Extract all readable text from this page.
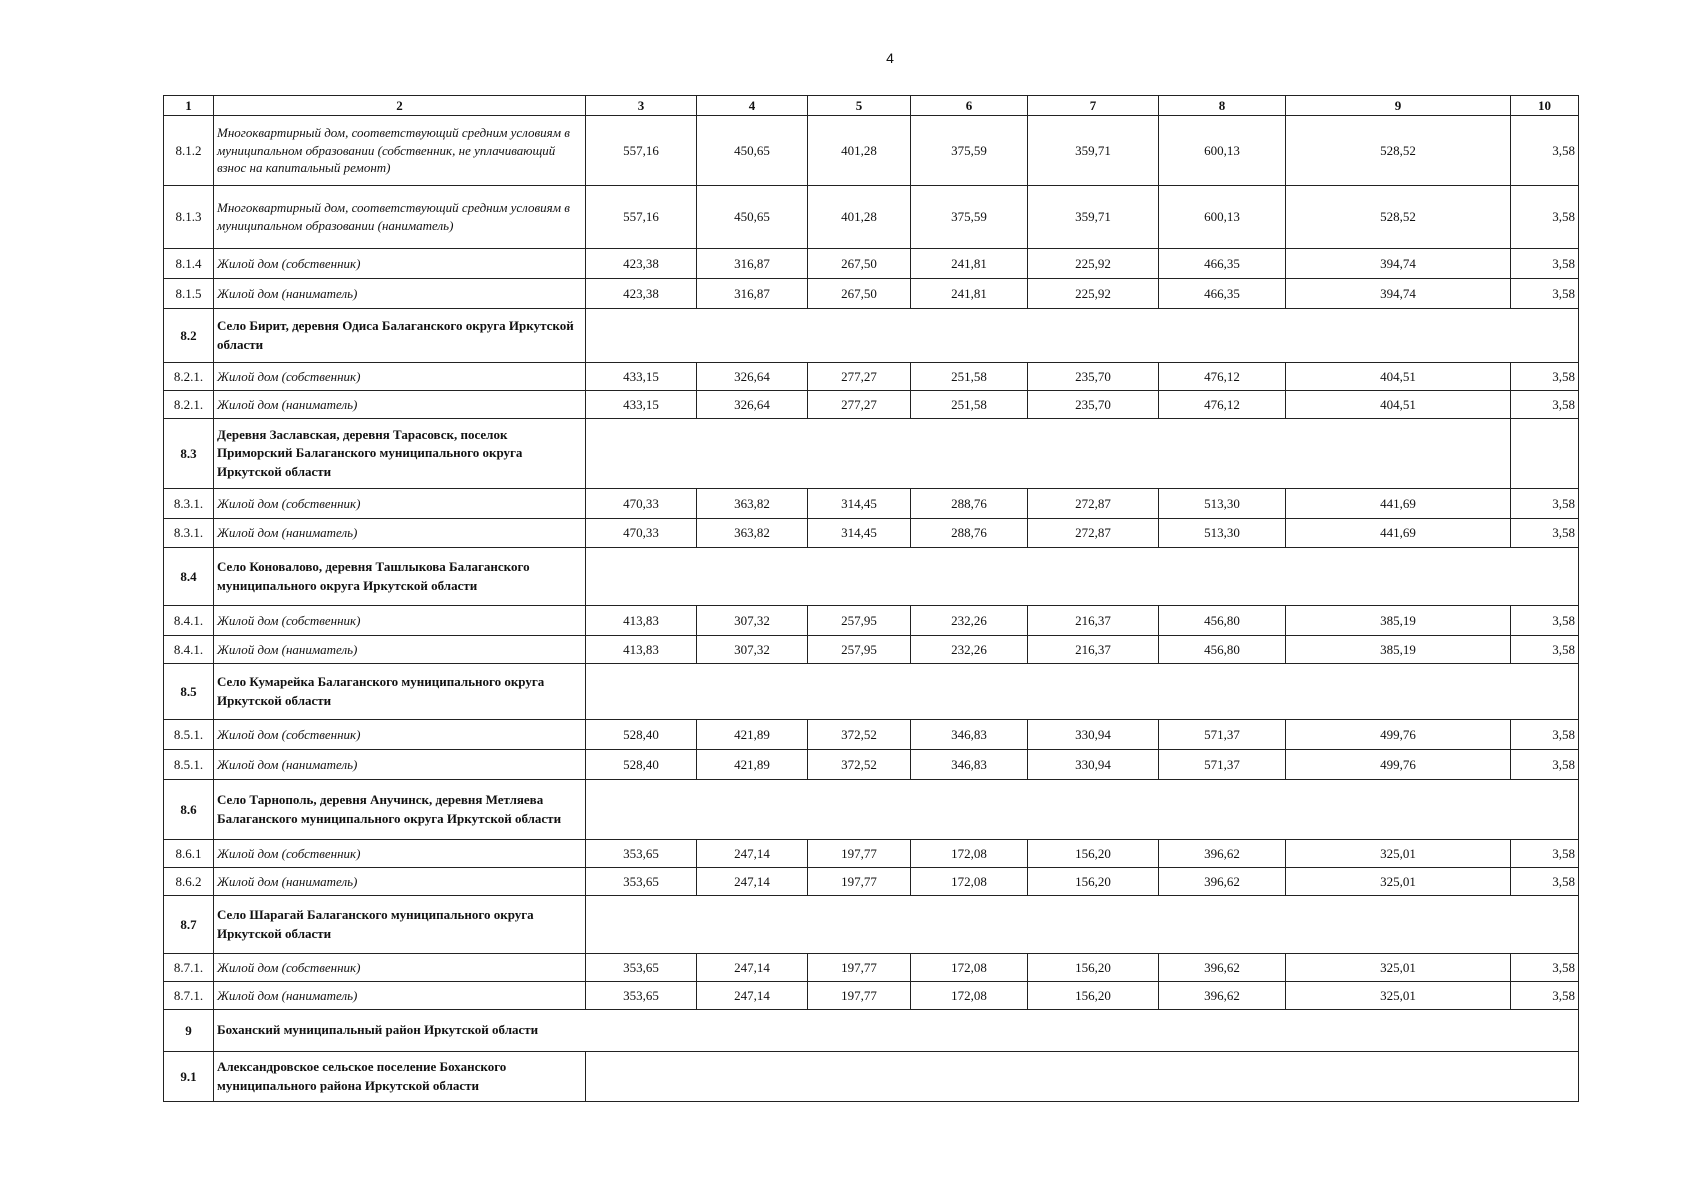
4
1	2	3	4	5	6	7	8	9	10
8.1.2	Многоквартирный дом, соответствующий средним условиям в муниципальном образовании (собственник, не уплачивающий взнос на капитальный ремонт)	557,16	450,65	401,28	375,59	359,71	600,13	528,52	3,58
8.1.3	Многоквартирный дом, соответствующий средним условиям в муниципальном образовании (наниматель)	557,16	450,65	401,28	375,59	359,71	600,13	528,52	3,58
8.1.4	Жилой дом (собственник)	423,38	316,87	267,50	241,81	225,92	466,35	394,74	3,58
8.1.5	Жилой дом (наниматель)	423,38	316,87	267,50	241,81	225,92	466,35	394,74	3,58
8.2	Село Бирит, деревня Одиса Балаганского округа Иркутской области								
8.2.1.	Жилой дом (собственник)	433,15	326,64	277,27	251,58	235,70	476,12	404,51	3,58
8.2.1.	Жилой дом (наниматель)	433,15	326,64	277,27	251,58	235,70	476,12	404,51	3,58
8.3	Деревня Заславская, деревня Тарасовск, поселок Приморский Балаганского муниципального округа Иркутской области								
8.3.1.	Жилой дом (собственник)	470,33	363,82	314,45	288,76	272,87	513,30	441,69	3,58
8.3.1.	Жилой дом (наниматель)	470,33	363,82	314,45	288,76	272,87	513,30	441,69	3,58
8.4	Село Коновалово, деревня Ташлыкова Балаганского муниципального округа Иркутской области								
8.4.1.	Жилой дом (собственник)	413,83	307,32	257,95	232,26	216,37	456,80	385,19	3,58
8.4.1.	Жилой дом (наниматель)	413,83	307,32	257,95	232,26	216,37	456,80	385,19	3,58
8.5	Село Кумарейка Балаганского муниципального округа Иркутской области								
8.5.1.	Жилой дом (собственник)	528,40	421,89	372,52	346,83	330,94	571,37	499,76	3,58
8.5.1.	Жилой дом (наниматель)	528,40	421,89	372,52	346,83	330,94	571,37	499,76	3,58
8.6	Село Тарнополь, деревня Анучинск, деревня Метляева Балаганского муниципального округа Иркутской области								
8.6.1	Жилой дом (собственник)	353,65	247,14	197,77	172,08	156,20	396,62	325,01	3,58
8.6.2	Жилой дом (наниматель)	353,65	247,14	197,77	172,08	156,20	396,62	325,01	3,58
8.7	Село Шарагай Балаганского муниципального округа Иркутской области								
8.7.1.	Жилой дом (собственник)	353,65	247,14	197,77	172,08	156,20	396,62	325,01	3,58
8.7.1.	Жилой дом (наниматель)	353,65	247,14	197,77	172,08	156,20	396,62	325,01	3,58
9	Боханский муниципальный район Иркутской области								
9.1	Александровское сельское поселение Боханского муниципального района Иркутской области								
